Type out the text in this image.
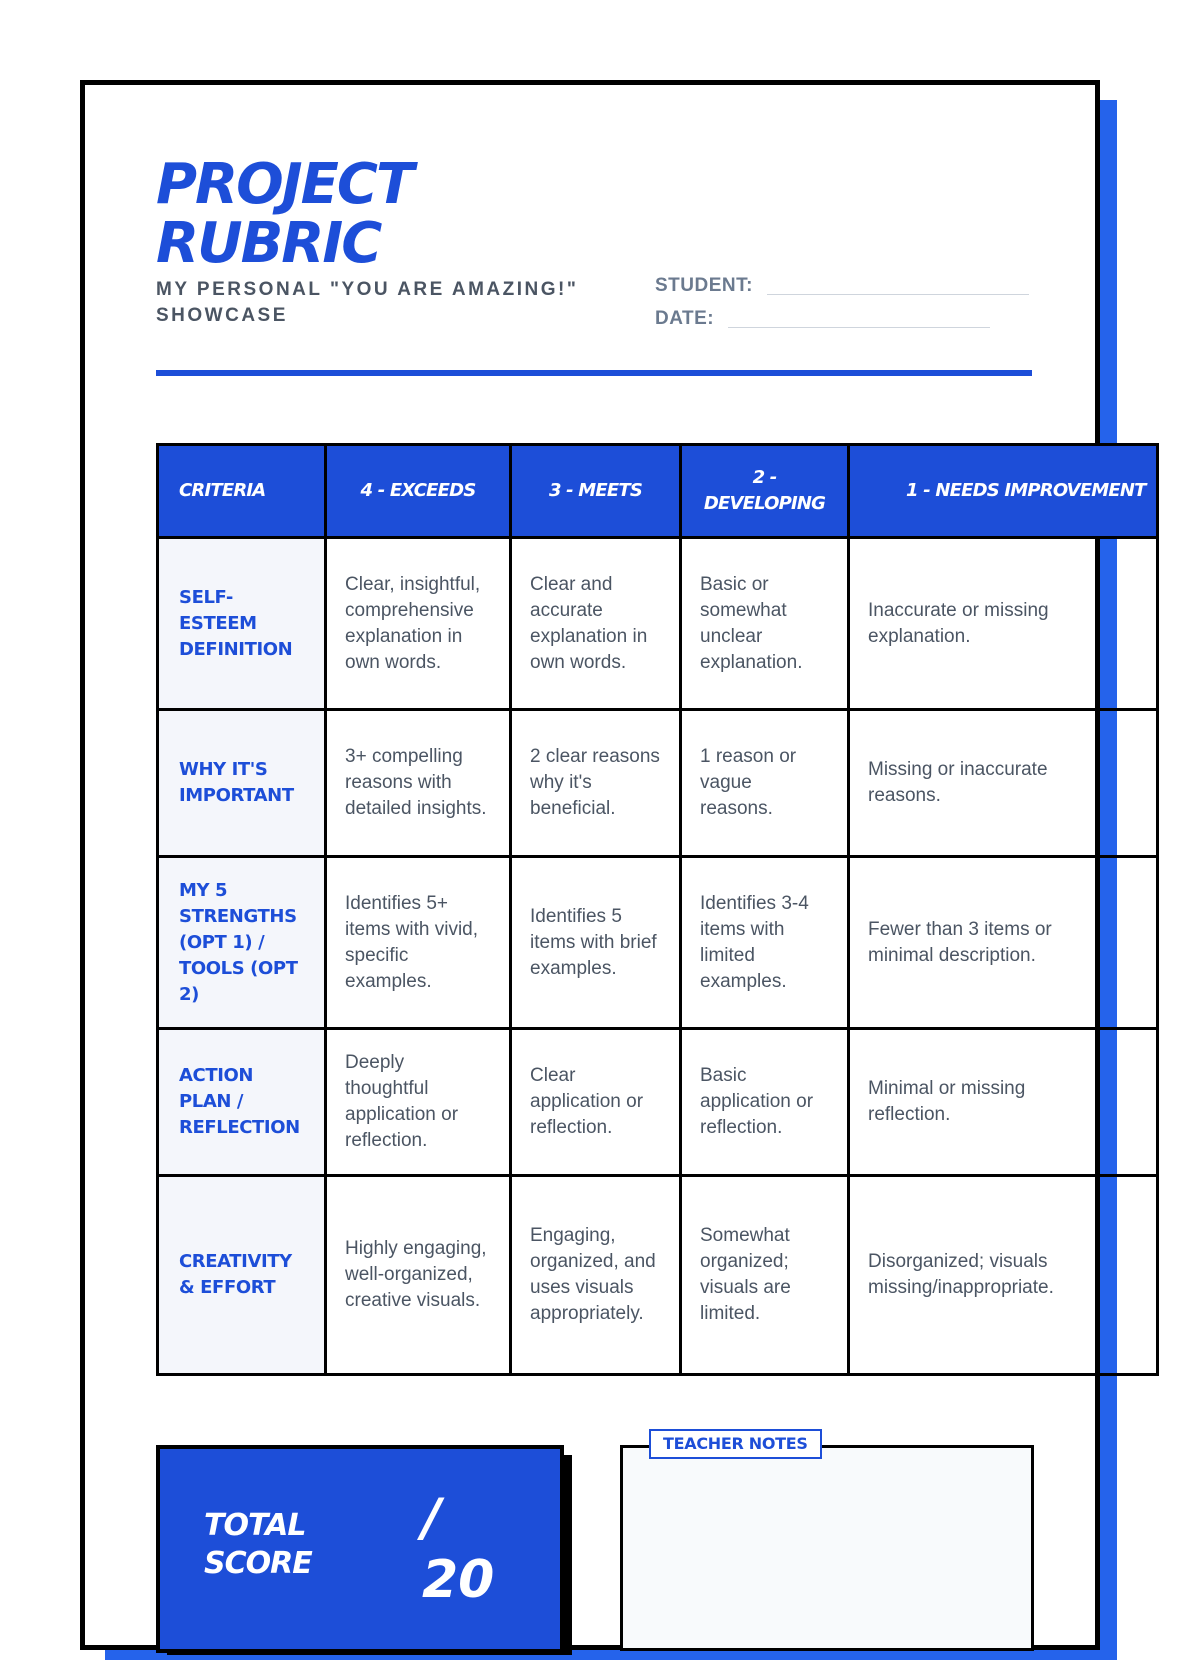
PROJECT
RUBRIC

MY PERSONAL "YOU ARE AMAZING!" SHOWCASE

STUDENT:
DATE:
CRITERIA	4 - EXCEEDS	3 - MEETS	2 - DEVELOPING	1 - NEEDS IMPROVEMENT
SELF-ESTEEM DEFINITION	Clear, insightful, comprehensive explanation in own words.	Clear and accurate explanation in own words.	Basic or somewhat unclear explanation.	Inaccurate or missing
explanation.
WHY IT'S IMPORTANT	3+ compelling reasons with detailed insights.	2 clear reasons why it's beneficial.	1 reason or vague reasons.	Missing or inaccurate
reasons.
MY 5 STRENGTHS (OPT 1) / TOOLS (OPT 2)	Identifies 5+ items with vivid, specific examples.	Identifies 5 items with brief examples.	Identifies 3-4 items with limited examples.	Fewer than 3 items or
minimal description.
ACTION PLAN / REFLECTION	Deeply thoughtful application or reflection.	Clear application or reflection.	Basic application or reflection.	Minimal or missing
reflection.
CREATIVITY & EFFORT	Highly engaging, well-organized, creative visuals.	Engaging, organized, and uses visuals appropriately.	Somewhat organized; visuals are limited.	Disorganized; visuals
missing/inappropriate.
TOTAL SCORE
/
20
TEACHER NOTES
